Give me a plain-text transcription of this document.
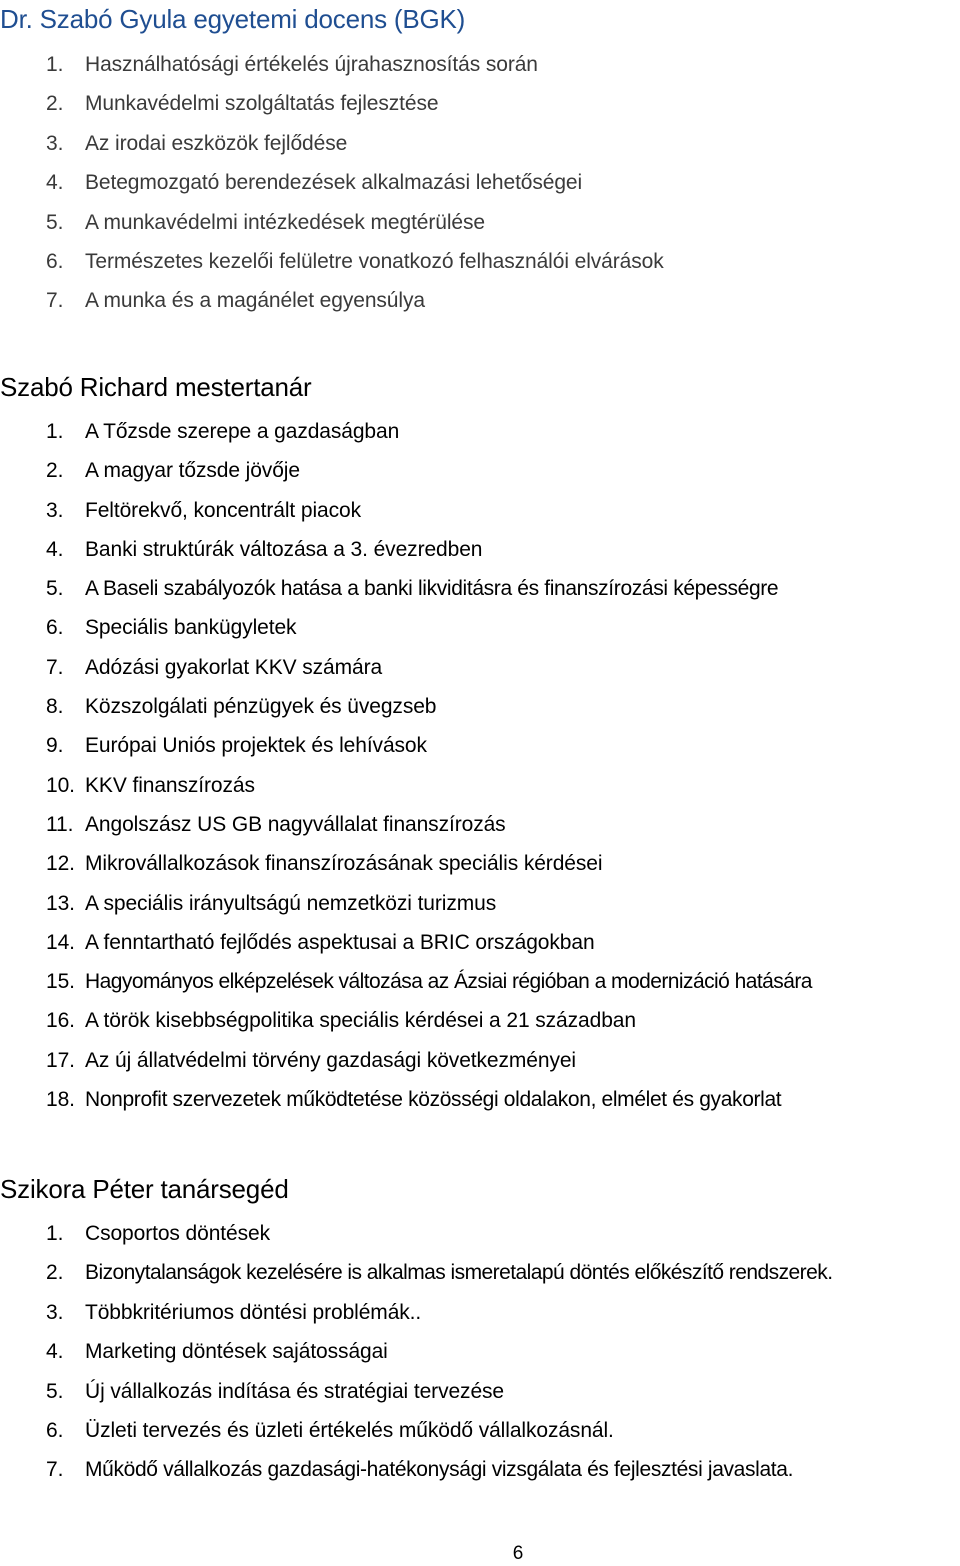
Dr. Szabó Gyula egyetemi docens (BGK)
1. Használhatósági értékelés újrahasznosítás során
2. Munkavédelmi szolgáltatás fejlesztése
3. Az irodai eszközök fejlődése
4. Betegmozgató berendezések alkalmazási lehetőségei
5. A munkavédelmi intézkedések megtérülése
6. Természetes kezelői felületre vonatkozó felhasználói elvárások
7. A munka és a magánélet egyensúlya
Szabó Richard mestertanár
1. A Tőzsde szerepe a gazdaságban
2. A magyar tőzsde jövője
3. Feltörekvő, koncentrált piacok
4. Banki struktúrák változása a 3. évezredben
5. A Baseli szabályozók hatása a banki likviditásra és finanszírozási képességre
6. Speciális bankügyletek
7. Adózási gyakorlat KKV számára
8. Közszolgálati pénzügyek és üvegzseb
9. Európai Uniós projektek és lehívások
10. KKV finanszírozás
11. Angolszász US GB nagyvállalat finanszírozás
12. Mikrovállalkozások finanszírozásának speciális kérdései
13. A speciális irányultságú nemzetközi turizmus
14. A fenntartható fejlődés aspektusai a BRIC országokban
15. Hagyományos elképzelések változása az Ázsiai régióban a modernizáció hatására
16. A török kisebbségpolitika speciális kérdései a 21 században
17. Az új állatvédelmi törvény gazdasági következményei
18. Nonprofit szervezetek működtetése közösségi oldalakon, elmélet és gyakorlat
Szikora Péter tanársegéd
1. Csoportos döntések
2. Bizonytalanságok kezelésére is alkalmas ismeretalapú döntés előkészítő rendszerek.
3. Többkritériumos döntési problémák..
4. Marketing döntések sajátosságai
5. Új vállalkozás indítása és stratégiai tervezése
6. Üzleti tervezés és üzleti értékelés működő vállalkozásnál.
7. Működő vállalkozás gazdasági-hatékonysági vizsgálata és fejlesztési javaslata.
6
